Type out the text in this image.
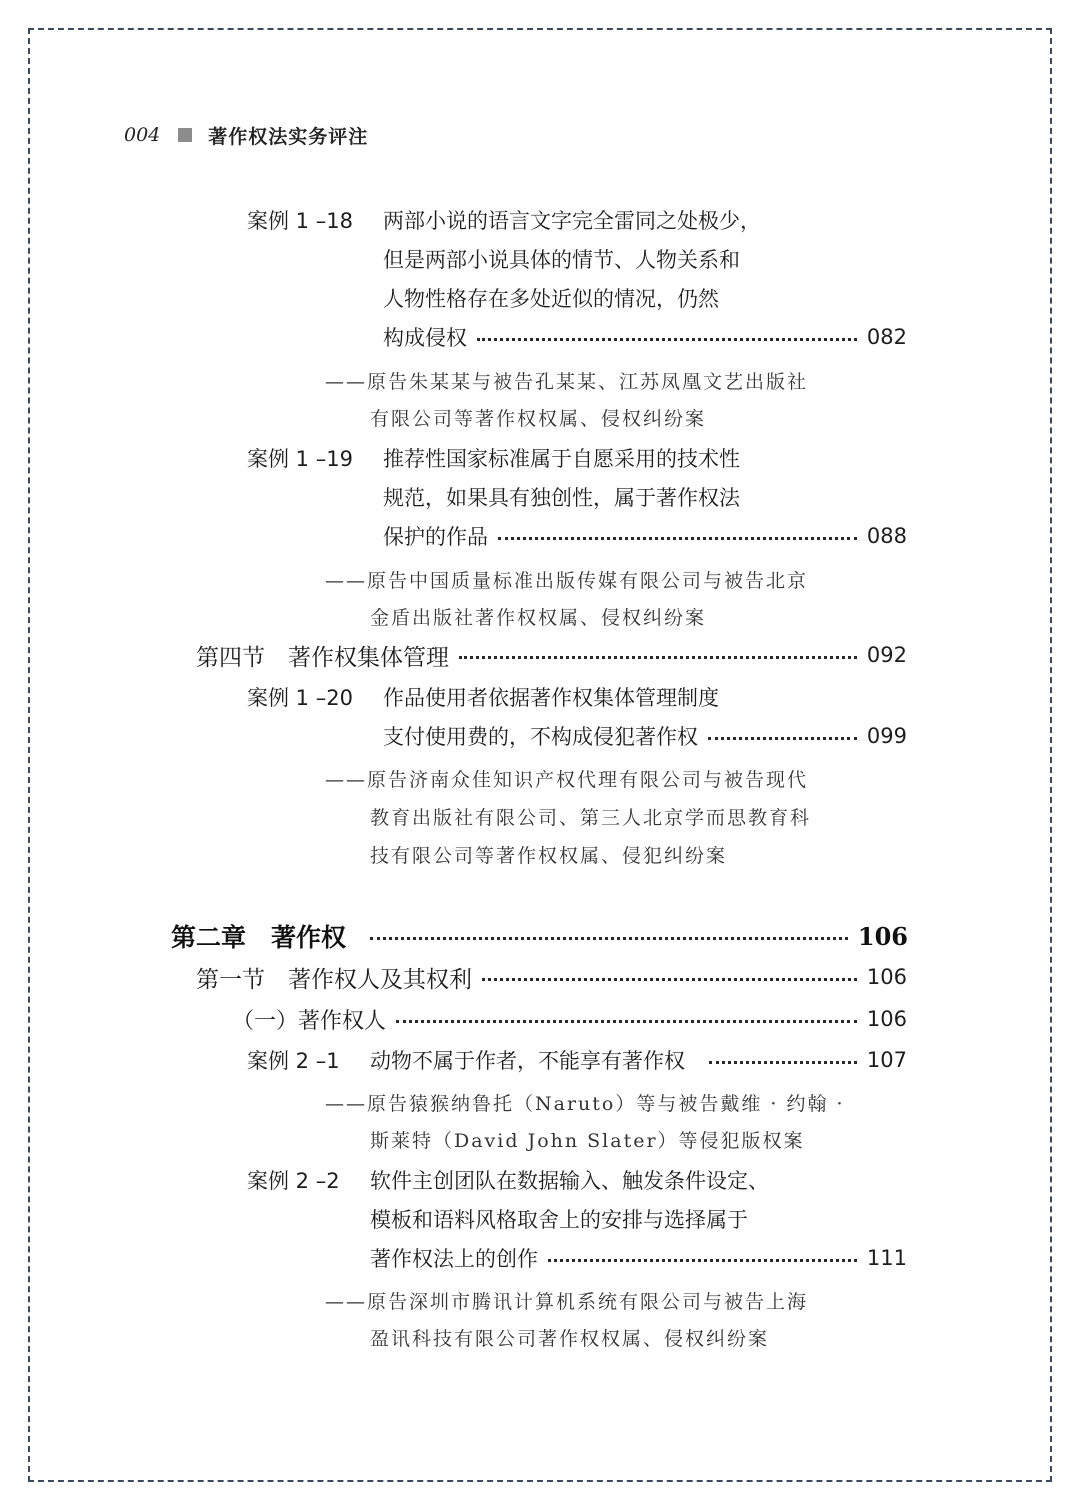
004	著作权法实务评注
案例 1 –18 两部小说的语言文字完全雷同之处极少，
但是两部小说具体的情节、人物关系和
人物性格存在多处近似的情况，仍然
构成侵权	082
——原告朱某某与被告孔某某、江苏凤凰文艺出版社
有限公司等著作权权属、侵权纠纷案
案例 1 –19 推荐性国家标准属于自愿采用的技术性
规范，如果具有独创性，属于著作权法
保护的作品	088
——原告中国质量标准出版传媒有限公司与被告北京
金盾出版社著作权权属、侵权纠纷案
第四节　著作权集体管理	092
案例 1 –20 作品使用者依据著作权集体管理制度
支付使用费的，不构成侵犯著作权	099
——原告济南众佳知识产权代理有限公司与被告现代
教育出版社有限公司、第三人北京学而思教育科
技有限公司等著作权权属、侵犯纠纷案
第二章　著作权	106
第一节　著作权人及其权利	106
（一）著作权人	106
案例 2 –1	动物不属于作者，不能享有著作权	107
——原告猿猴纳鲁托（Naruto）等与被告戴维 · 约翰 ·
斯莱特（David John Slater）等侵犯版权案
案例 2 –2 软件主创团队在数据输入、触发条件设定、
模板和语料风格取舍上的安排与选择属于
著作权法上的创作	111
——原告深圳市腾讯计算机系统有限公司与被告上海
盈讯科技有限公司著作权权属、侵权纠纷案
